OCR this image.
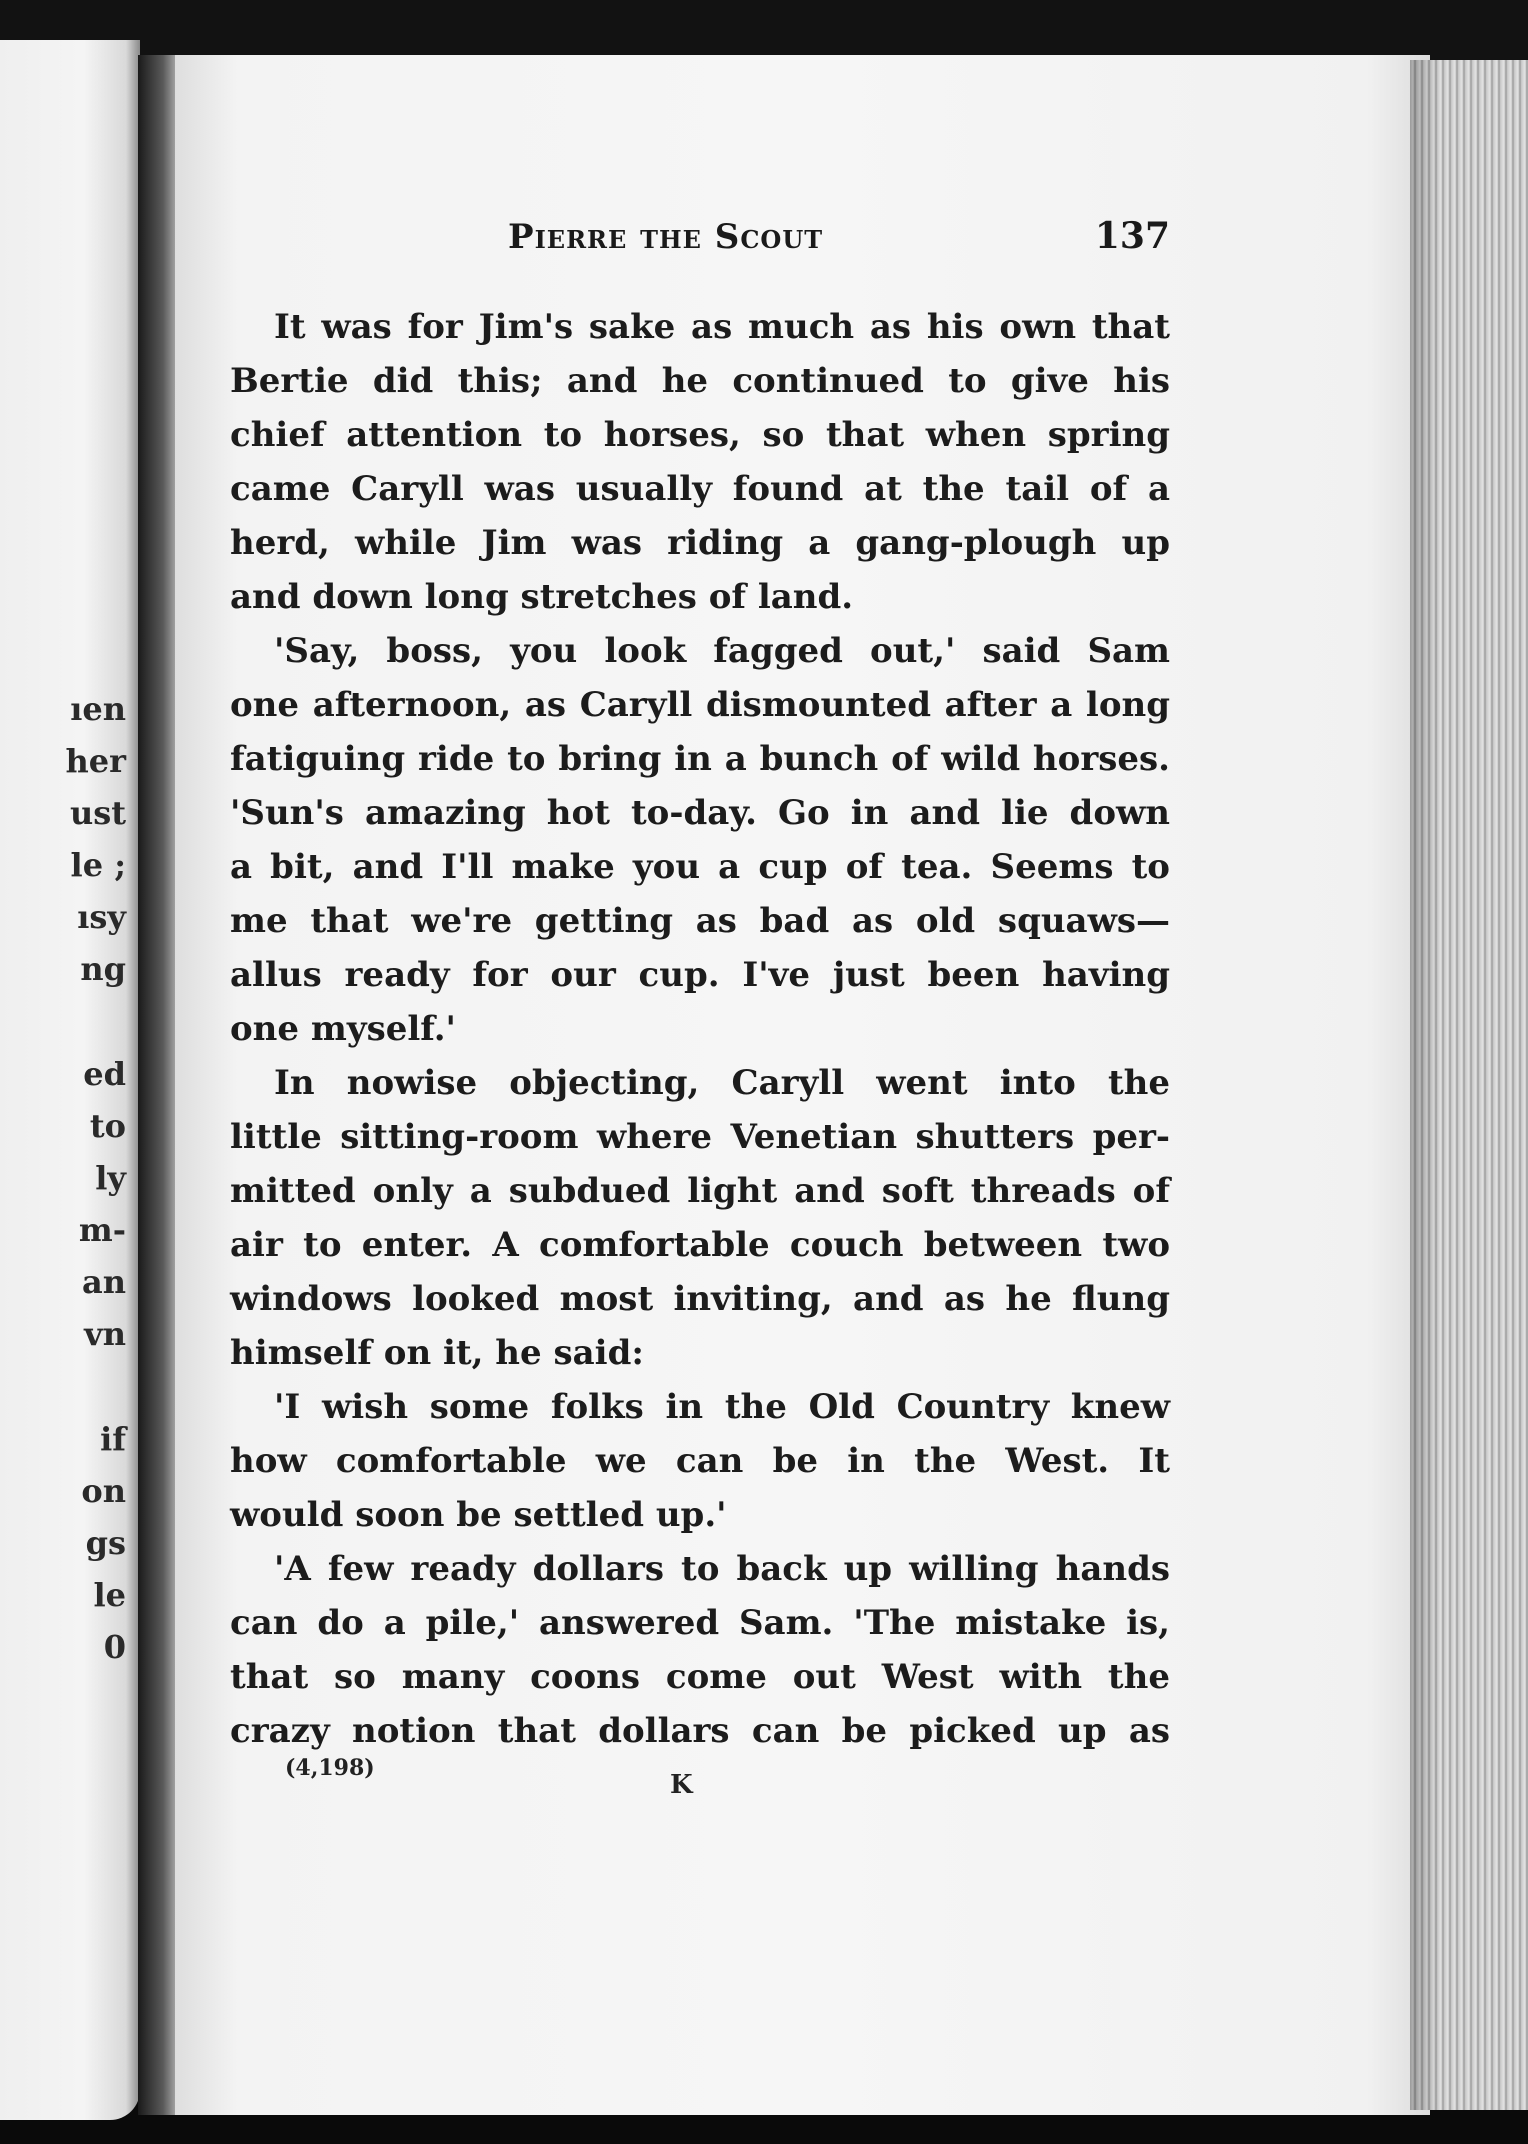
ıen
her
ust
le ;
ısy
ng
ed
to
ly
m-
an
vn
if
on
gs
le
0
Pierre the Scout	137
It was for Jim's sake as much as his own that
Bertie did this; and he continued to give his
chief attention to horses, so that when spring
came Caryll was usually found at the tail of a
herd, while Jim was riding a gang-plough up
and down long stretches of land.
'Say, boss, you look fagged out,' said Sam
one afternoon, as Caryll dismounted after a long
fatiguing ride to bring in a bunch of wild horses.
'Sun's amazing hot to-day. Go in and lie down
a bit, and I'll make you a cup of tea. Seems to
me that we're getting as bad as old squaws—
allus ready for our cup. I've just been having
one myself.'
In nowise objecting, Caryll went into the
little sitting-room where Venetian shutters per-
mitted only a subdued light and soft threads of
air to enter. A comfortable couch between two
windows looked most inviting, and as he flung
himself on it, he said:
'I wish some folks in the Old Country knew
how comfortable we can be in the West. It
would soon be settled up.'
'A few ready dollars to back up willing hands
can do a pile,' answered Sam. 'The mistake is,
that so many coons come out West with the
crazy notion that dollars can be picked up as
(4,198)
K
